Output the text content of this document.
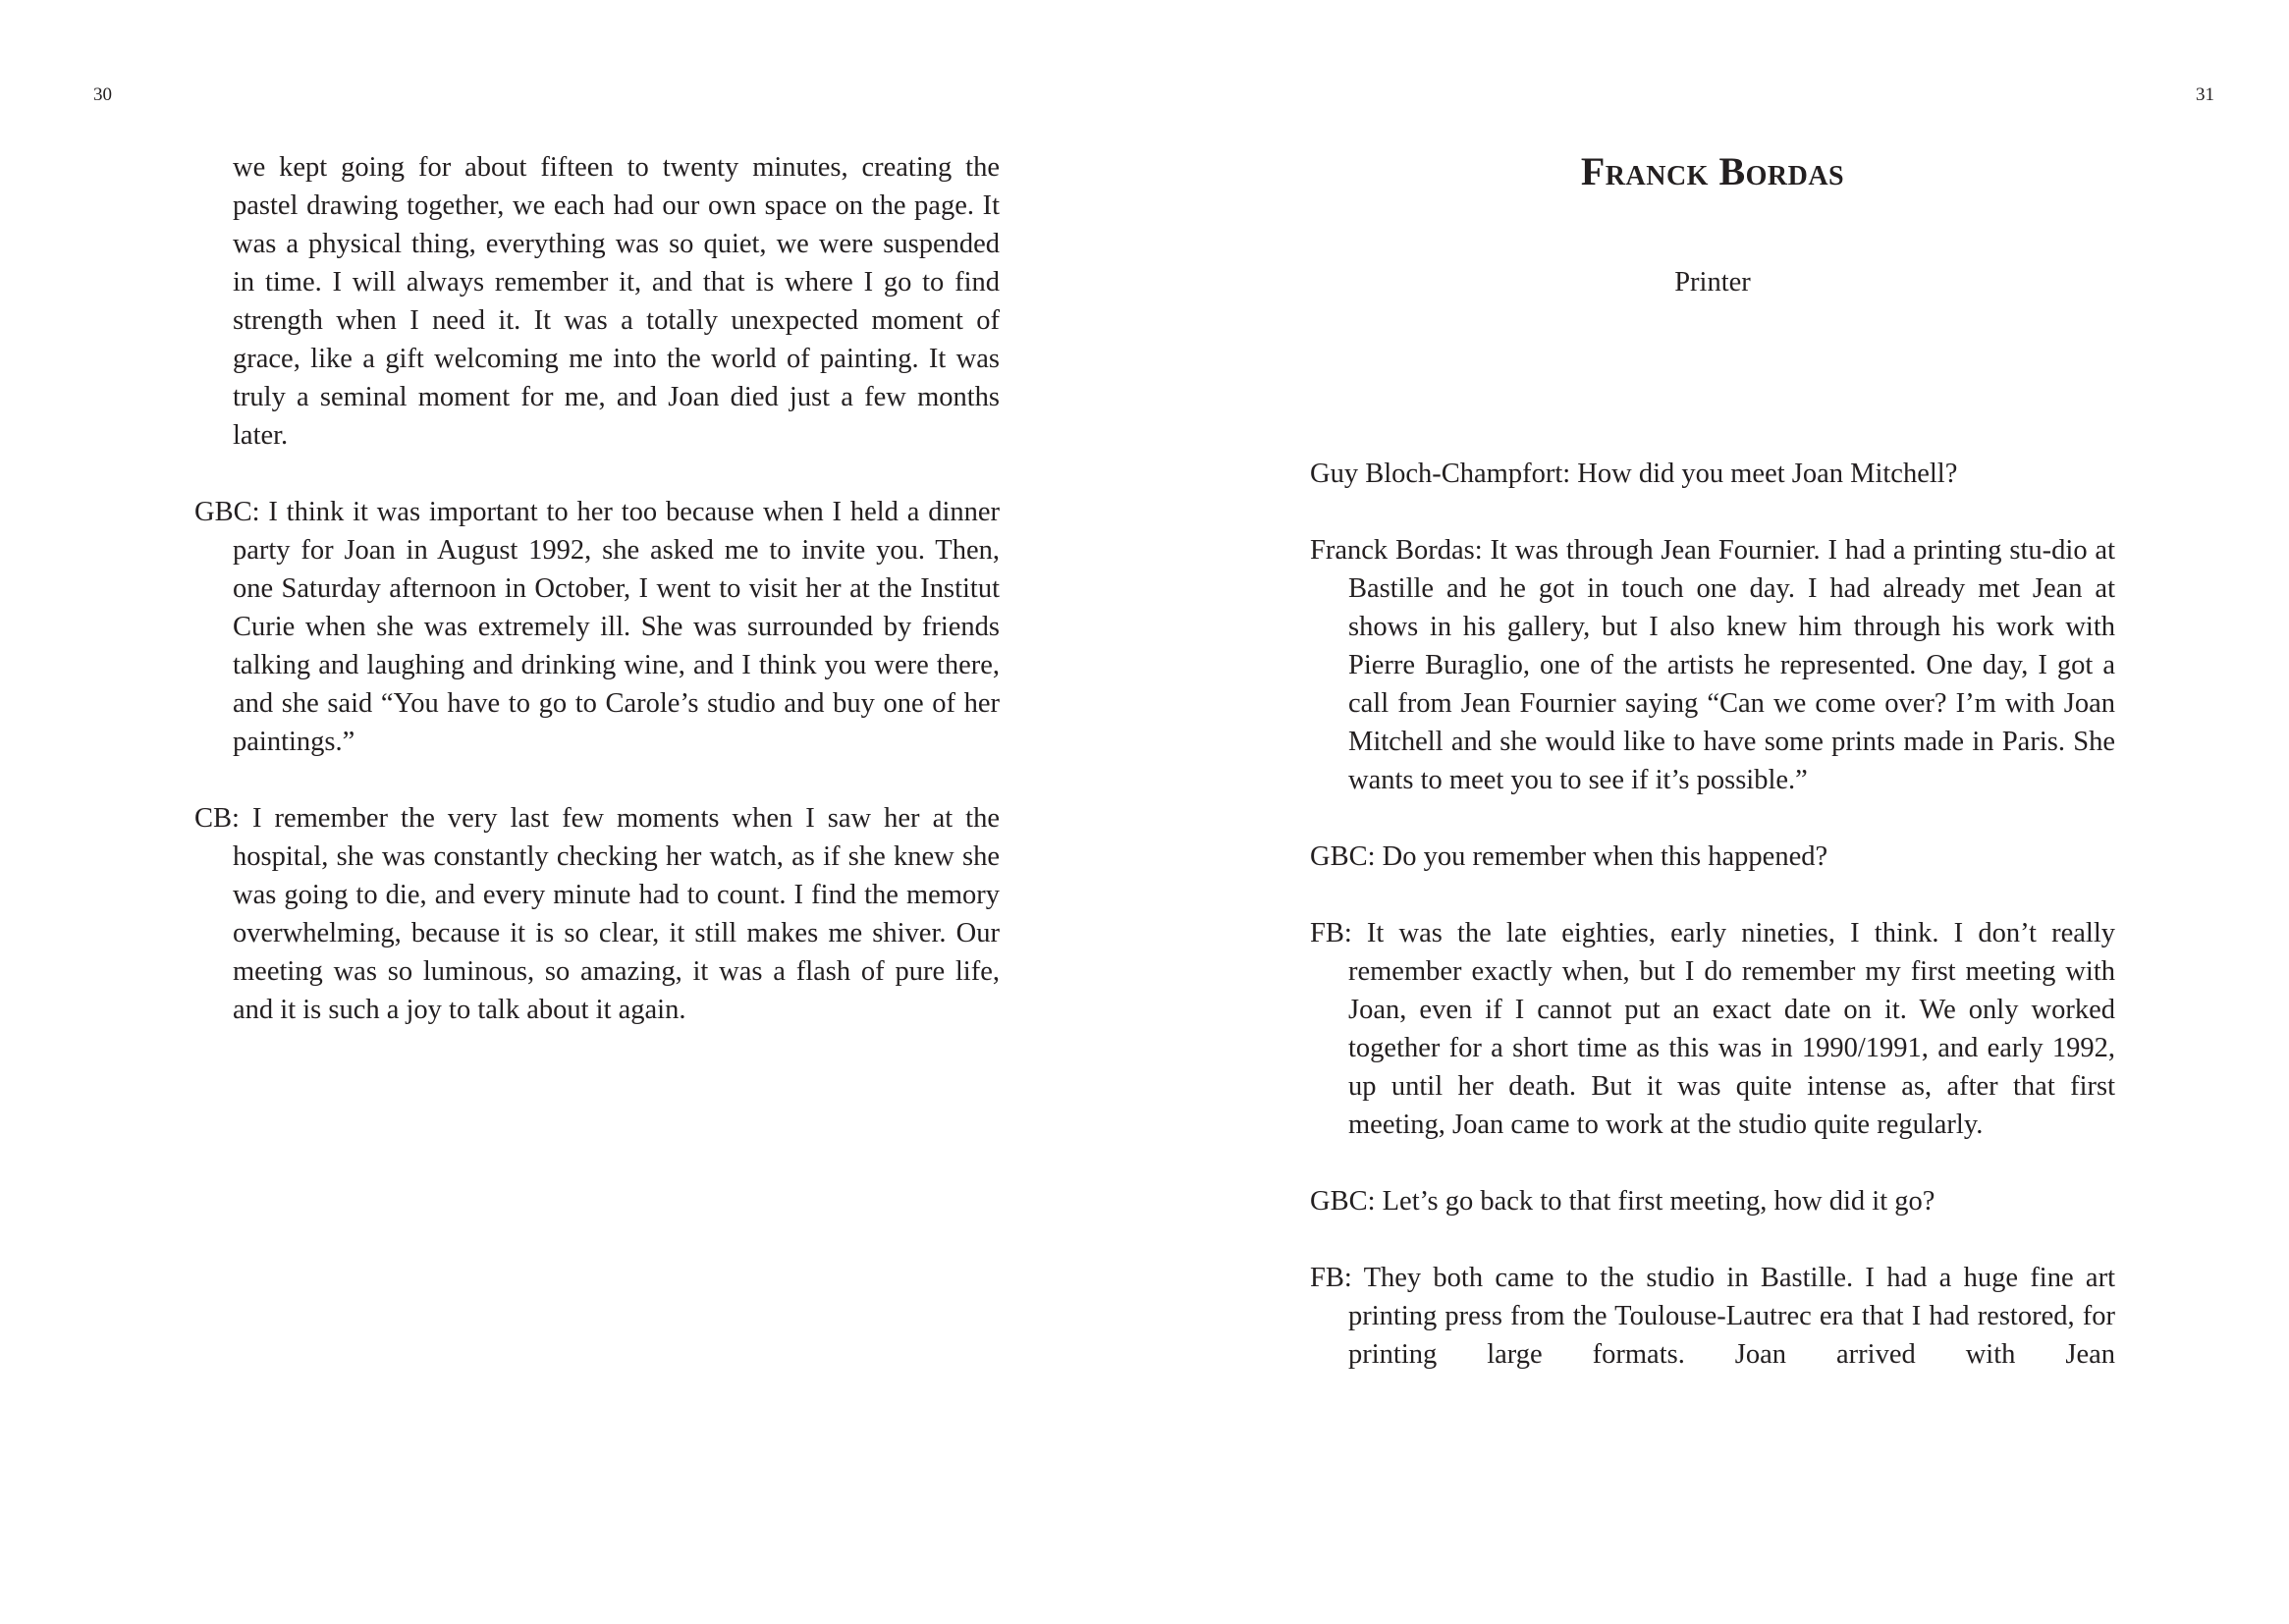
30

we kept going for about fifteen to twenty minutes, creating the pastel drawing together, we each had our own space on the page. It was a physical thing, everything was so quiet, we were suspended in time. I will always remember it, and that is where I go to find strength when I need it. It was a totally unexpected moment of grace, like a gift welcoming me into the world of painting. It was truly a seminal moment for me, and Joan died just a few months later.

GBC: I think it was important to her too because when I held a dinner party for Joan in August 1992, she asked me to invite you. Then, one Saturday afternoon in October, I went to visit her at the Institut Curie when she was extremely ill. She was surrounded by friends talking and laughing and drinking wine, and I think you were there, and she said “You have to go to Carole’s studio and buy one of her paintings.”

CB: I remember the very last few moments when I saw her at the hospital, she was constantly checking her watch, as if she knew she was going to die, and every minute had to count. I find the memory overwhelming, because it is so clear, it still makes me shiver. Our meeting was so luminous, so amazing, it was a flash of pure life, and it is such a joy to talk about it again.

31
Franck Bordas
Printer

Guy Bloch-Champfort: How did you meet Joan Mitchell?

Franck Bordas: It was through Jean Fournier. I had a printing stu-dio at Bastille and he got in touch one day. I had already met Jean at shows in his gallery, but I also knew him through his work with Pierre Buraglio, one of the artists he represented. One day, I got a call from Jean Fournier saying “Can we come over? I’m with Joan Mitchell and she would like to have some prints made in Paris. She wants to meet you to see if it’s possible.”

GBC: Do you remember when this happened?

FB: It was the late eighties, early nineties, I think. I don’t really remember exactly when, but I do remember my first meeting with Joan, even if I cannot put an exact date on it. We only worked together for a short time as this was in 1990/1991, and early 1992, up until her death. But it was quite intense as, after that first meeting, Joan came to work at the studio quite regularly.

GBC: Let’s go back to that first meeting, how did it go?

FB: They both came to the studio in Bastille. I had a huge fine art printing press from the Toulouse-Lautrec era that I had restored, for printing large formats. Joan arrived with Jean
